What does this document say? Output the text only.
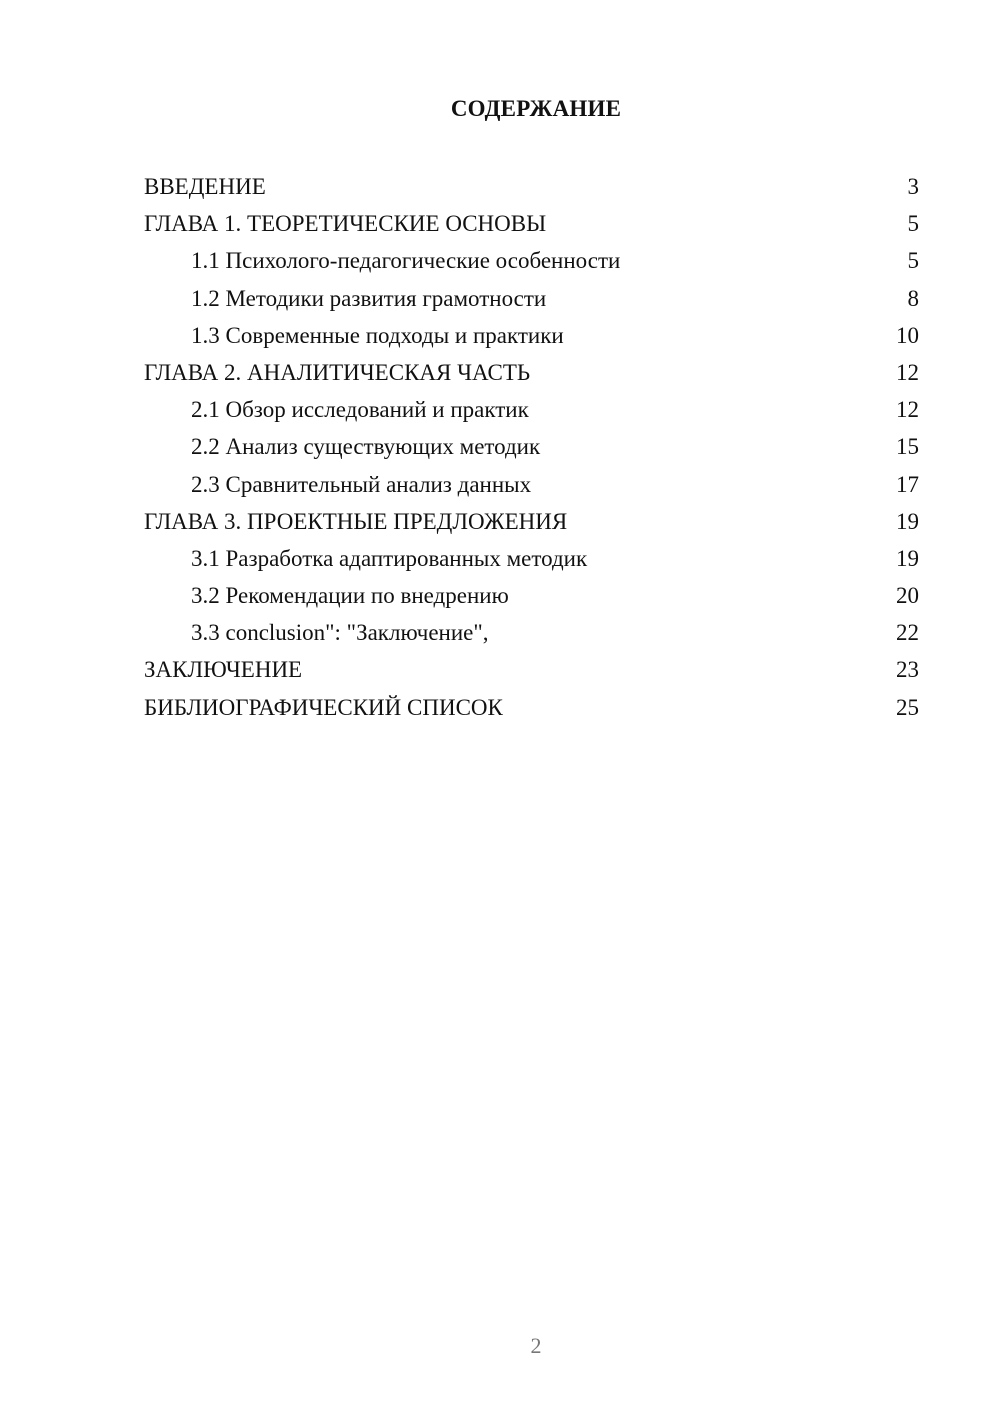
СОДЕРЖАНИЕ
ВВЕДЕНИЕ	3
ГЛАВА 1. ТЕОРЕТИЧЕСКИЕ ОСНОВЫ	5
1.1 Психолого-педагогические особенности	5
1.2 Методики развития грамотности	8
1.3 Современные подходы и практики	10
ГЛАВА 2. АНАЛИТИЧЕСКАЯ ЧАСТЬ	12
2.1 Обзор исследований и практик	12
2.2 Анализ существующих методик	15
2.3 Сравнительный анализ данных	17
ГЛАВА 3. ПРОЕКТНЫЕ ПРЕДЛОЖЕНИЯ	19
3.1 Разработка адаптированных методик	19
3.2 Рекомендации по внедрению	20
3.3 conclusion": "Заключение",	22
ЗАКЛЮЧЕНИЕ	23
БИБЛИОГРАФИЧЕСКИЙ СПИСОК	25
2
